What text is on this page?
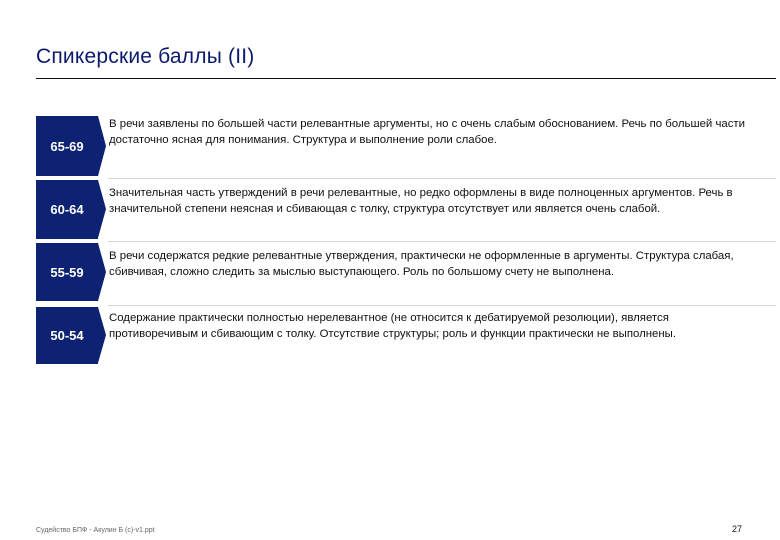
Спикерские баллы (II)
65-69
В речи заявлены по большей части релевантные аргументы, но с очень слабым обоснованием. Речь по большей части достаточно ясная для понимания. Структура и выполнение роли слабое.
60-64
Значительная часть утверждений в речи релевантные, но редко оформлены в виде полноценных аргументов. Речь в значительной степени неясная и сбивающая с толку, структура отсутствует или является очень слабой.
55-59
В речи содержатся редкие релевантные утверждения, практически не оформленные в аргументы. Структура слабая, сбивчивая, сложно следить за мыслью выступающего. Роль по большому счету не выполнена.
50-54
Содержание практически полностью нерелевантное (не относится к дебатируемой резолюции), является противоречивым и сбивающим с толку. Отсутствие структуры; роль и функции практически не выполнены.
Судейство БПФ - Акулин Б (с)-v1.ppt	27
